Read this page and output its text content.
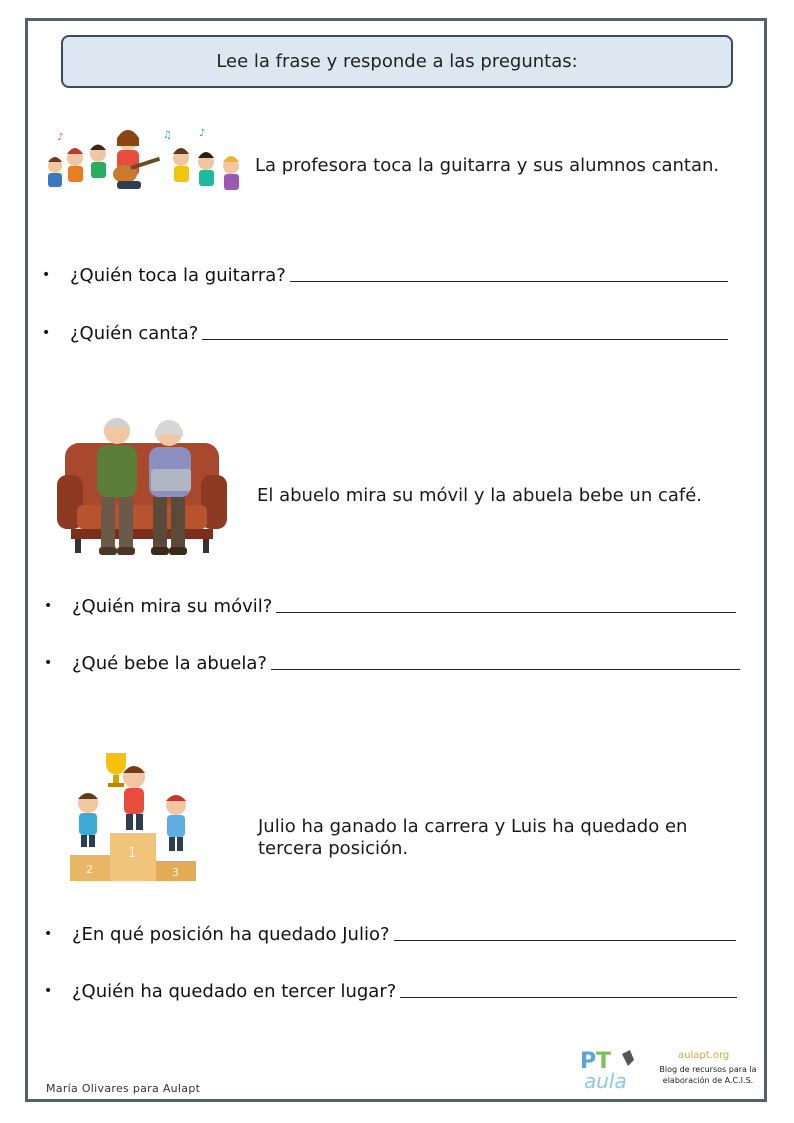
Lee la frase y responde a las preguntas:
♪	♫	♪
La profesora toca la guitarra y sus alumnos cantan.
•	¿Quién toca la guitarra?
•	¿Quién canta?
El abuelo mira su móvil y la abuela bebe un café.
•	¿Quién mira su móvil?
•	¿Qué bebe la abuela?
1
2	3
Julio ha ganado la carrera y Luis ha quedado en tercera posición.
•	¿En qué posición ha quedado Julio?
•	¿Quién ha quedado en tercer lugar?
María Olivares para Aulapt
P T
aula
aulapt.org
Blog de recursos para la elaboración de A.C.I.S.
